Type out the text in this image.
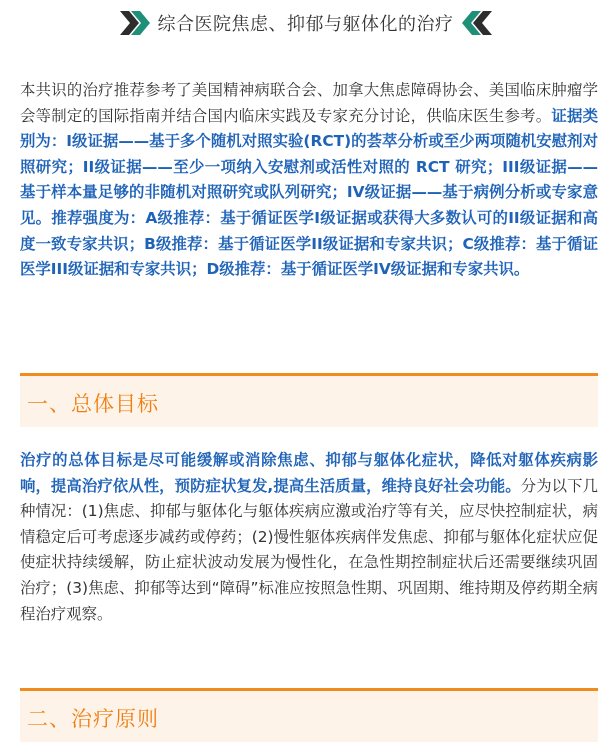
综合医院焦虑、抑郁与躯体化的治疗

本共识的治疗推荐参考了美国精神病联合会、加拿大焦虑障碍协会、美国临床肿瘤学会等制定的国际指南并结合国内临床实践及专家充分讨论，供临床医生参考。证据类别为：I级证据——基于多个随机对照实验(RCT)的荟萃分析或至少两项随机安慰剂对照研究；II级证据——至少一项纳入安慰剂或活性对照的 RCT 研究；III级证据——基于样本量足够的非随机对照研究或队列研究；IV级证据——基于病例分析或专家意见。推荐强度为：A级推荐：基于循证医学I级证据或获得大多数认可的II级证据和高度一致专家共识；B级推荐：基于循证医学II级证据和专家共识；C级推荐：基于循证医学III级证据和专家共识；D级推荐：基于循证医学IV级证据和专家共识。

一、总体目标

治疗的总体目标是尽可能缓解或消除焦虑、抑郁与躯体化症状，降低对躯体疾病影响，提高治疗依从性，预防症状复发,提高生活质量，维持良好社会功能。分为以下几种情况：(1)焦虑、抑郁与躯体化与躯体疾病应激或治疗等有关，应尽快控制症状，病情稳定后可考虑逐步减药或停药；(2)慢性躯体疾病伴发焦虑、抑郁与躯体化症状应促使症状持续缓解，防止症状波动发展为慢性化，在急性期控制症状后还需要继续巩固治疗；(3)焦虑、抑郁等达到“障碍”标准应按照急性期、巩固期、维持期及停药期全病程治疗观察。

二、治疗原则
